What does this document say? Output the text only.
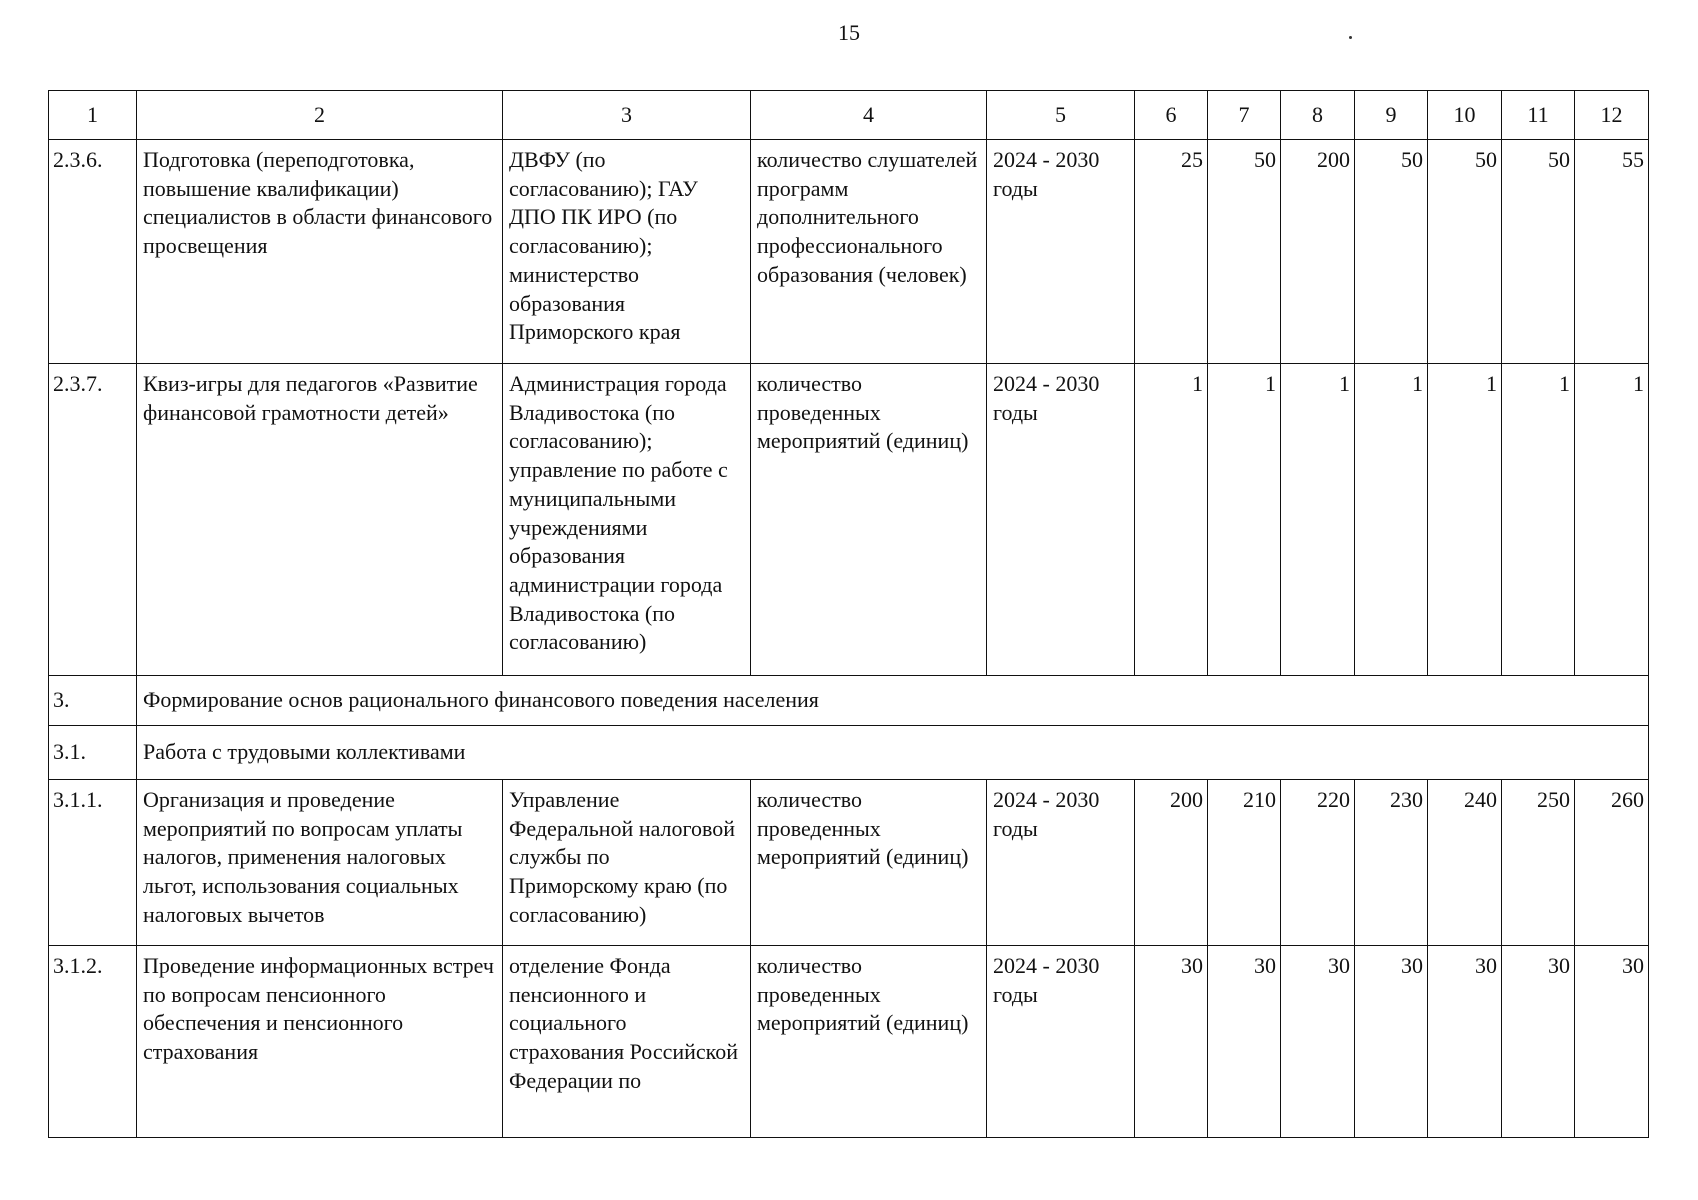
15
1	2	3	4	5	6	7	8	9	10	11	12
2.3.6.	Подготовка (переподготовка, повышение квалификации) специалистов в области финансового просвещения	ДВФУ (по согласованию); ГАУ ДПО ПК ИРО (по согласованию); министерство образования Приморского края	количество слушателей программ дополнительного профессионального образования (человек)	2024 - 2030 годы	25	50	200	50	50	50	55
2.3.7.	Квиз-игры для педагогов «Развитие финансовой грамотности детей»	Администрация города Владивостока (по согласованию); управление по работе с муниципальными учреждениями образования администрации города Владивостока (по согласованию)	количество проведенных мероприятий (единиц)	2024 - 2030 годы	1	1	1	1	1	1	1
3.	Формирование основ рационального финансового поведения населения										
3.1.	Работа с трудовыми коллективами										
3.1.1.	Организация и проведение мероприятий по вопросам уплаты налогов, применения налоговых льгот, использования социальных налоговых вычетов	Управление Федеральной налоговой службы по Приморскому краю (по согласованию)	количество проведенных мероприятий (единиц)	2024 - 2030 годы	200	210	220	230	240	250	260
3.1.2.	Проведение информационных встреч по вопросам пенсионного обеспечения и пенсионного страхования	отделение Фонда пенсионного и социального страхования Российской Федерации по	количество проведенных мероприятий (единиц)	2024 - 2030 годы	30	30	30	30	30	30	30
